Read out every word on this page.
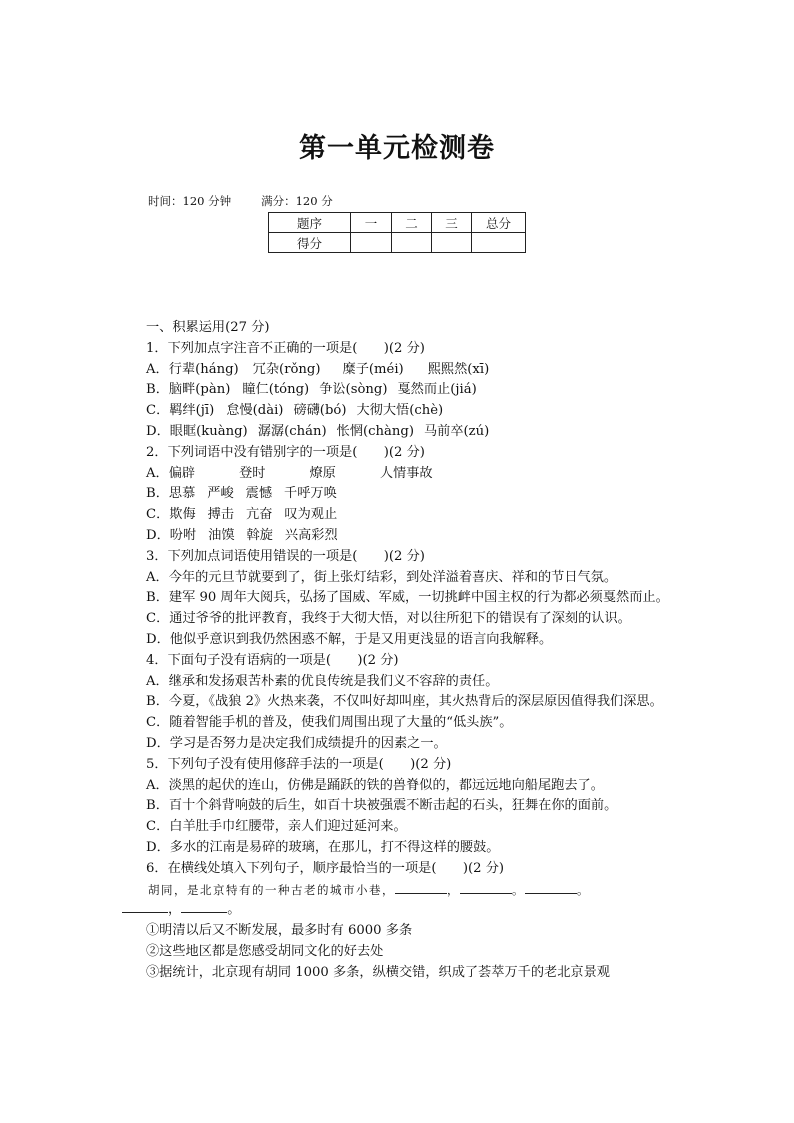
第一单元检测卷
时间：120 分钟	满分：120 分
题序	一	二	三	总分
得分				
一、积累运用(27 分)
1．下列加点字注音不正确的一项是(　　)(2 分)
A．行辈(háng) 冗杂(rǒng) 糜子(méi) 熙熙然(xī)
B．脑畔(pàn) 瞳仁(tóng) 争讼(sòng) 戛然而止(jiá)
C．羁绊(jī) 怠慢(dài) 磅礴(bó) 大彻大悟(chè)
D．眼眶(kuàng) 潺潺(chán) 怅惘(chàng) 马前卒(zú)
2．下列词语中没有错别字的一项是(　　)(2 分)
A．偏辟	登时	燎原	人情事故
B．思慕 严峻 震憾 千呼万唤
C．欺侮 搏击 亢奋 叹为观止
D．吩咐 油馍 斡旋 兴高彩烈
3．下列加点词语使用错误的一项是(　　)(2 分)
A．今年的元旦节就要到了，街上张灯结彩，到处洋溢着喜庆、祥和的节日气氛。
B．建军 90 周年大阅兵，弘扬了国威、军威，一切挑衅中国主权的行为都必须戛然而止。
C．通过爷爷的批评教育，我终于大彻大悟，对以往所犯下的错误有了深刻的认识。
D．他似乎意识到我仍然困惑不解，于是又用更浅显的语言向我解释。
4．下面句子没有语病的一项是(　　)(2 分)
A．继承和发扬艰苦朴素的优良传统是我们义不容辞的责任。
B．今夏，《战狼 2》火热来袭，不仅叫好却叫座，其火热背后的深层原因值得我们深思。
C．随着智能手机的普及，使我们周围出现了大量的“低头族”。
D．学习是否努力是决定我们成绩提升的因素之一。
5．下列句子没有使用修辞手法的一项是(　　)(2 分)
A．淡黑的起伏的连山，仿佛是踊跃的铁的兽脊似的，都远远地向船尾跑去了。
B．百十个斜背响鼓的后生，如百十块被强震不断击起的石头，狂舞在你的面前。
C．白羊肚手巾红腰带，亲人们迎过延河来。
D．多水的江南是易碎的玻璃，在那儿，打不得这样的腰鼓。
6．在横线处填入下列句子，顺序最恰当的一项是(　　)(2 分)
胡同，是北京特有的一种古老的城市小巷，	，	。	。
，	。
①明清以后又不断发展，最多时有 6000 多条
②这些地区都是您感受胡同文化的好去处
③据统计，北京现有胡同 1000 多条，纵横交错，织成了荟萃万千的老北京景观
